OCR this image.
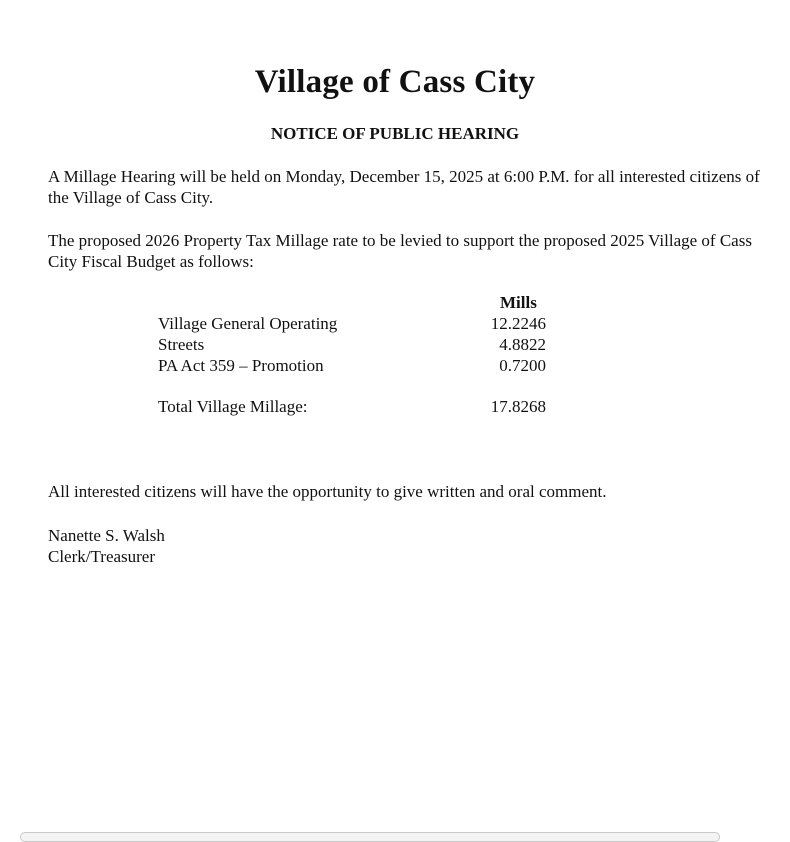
Village of Cass City
NOTICE OF PUBLIC HEARING
A Millage Hearing will be held on Monday, December 15, 2025 at 6:00 P.M. for all interested citizens of the Village of Cass City.
The proposed 2026 Property Tax Millage rate to be levied to support the proposed 2025 Village of Cass City Fiscal Budget as follows:
Mills
Village General Operating	12.2246
Streets	4.8822
PA Act 359 – Promotion	0.7200
Total Village Millage:	17.8268
All interested citizens will have the opportunity to give written and oral comment.
Nanette S. Walsh
Clerk/Treasurer
